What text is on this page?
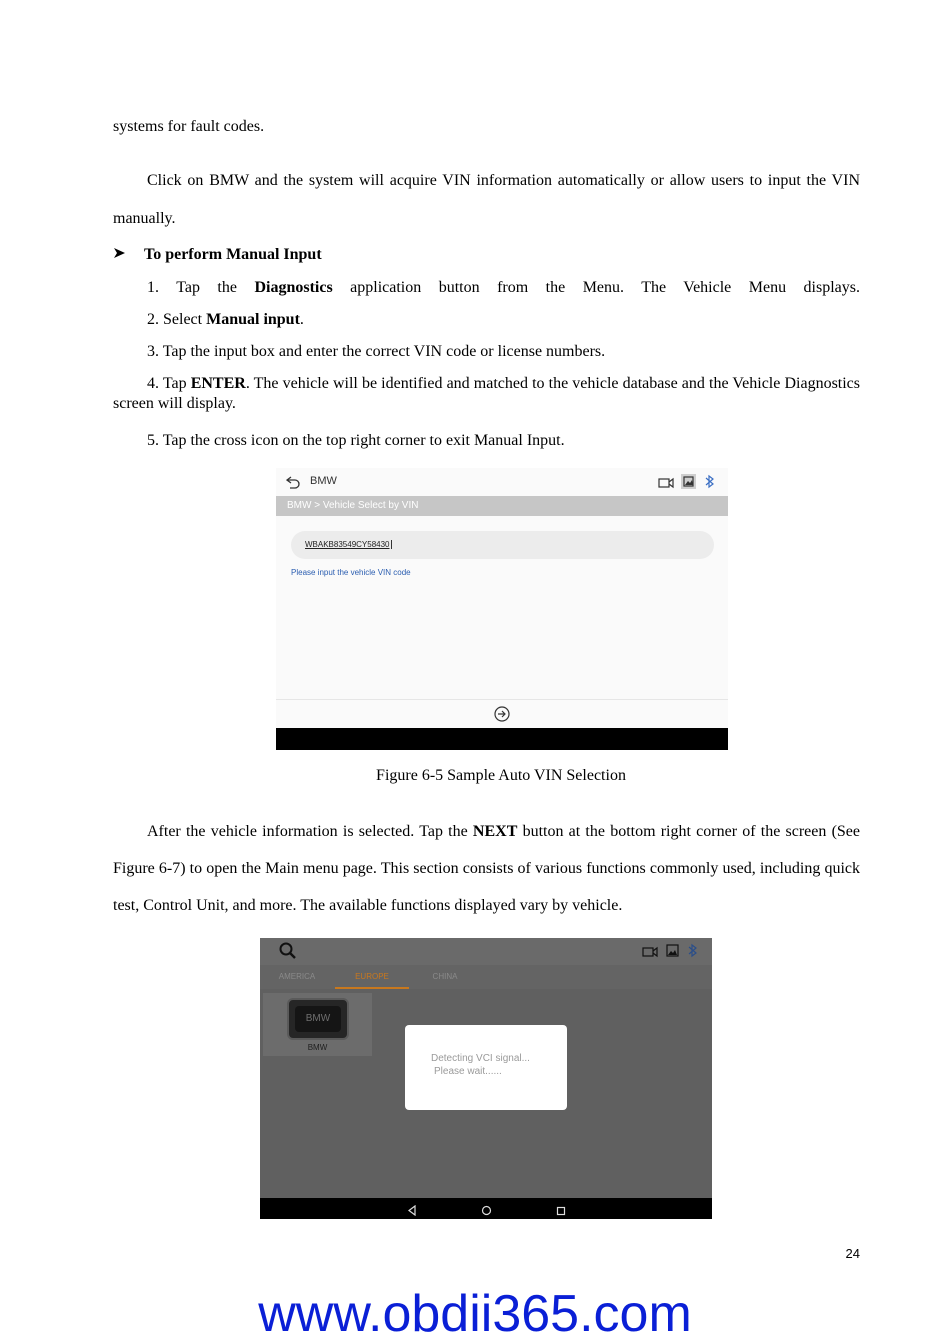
systems for fault codes.
Click on BMW and the system will acquire VIN information automatically or allow users to input the VIN manually.
To perform Manual Input
1. Tap the Diagnostics application button from the Menu. The Vehicle Menu displays.
2. Select Manual input.
3. Tap the input box and enter the correct VIN code or license numbers.
4. Tap ENTER. The vehicle will be identified and matched to the vehicle database and the Vehicle Diagnostics screen will display.
5. Tap the cross icon on the top right corner to exit Manual Input.
BMW
BMW > Vehicle Select by VIN
WBAKB83549CY58430
Please input the vehicle VIN code
Figure 6-5 Sample Auto VIN Selection
After the vehicle information is selected. Tap the NEXT button at the bottom right corner of the screen (See Figure 6-7) to open the Main menu page. This section consists of various functions commonly used, including quick test, Control Unit, and more. The available functions displayed vary by vehicle.
AMERICA	EUROPE	CHINA
BMW
BMW
Detecting VCI signal...
Please wait......
24
www.obdii365.com
